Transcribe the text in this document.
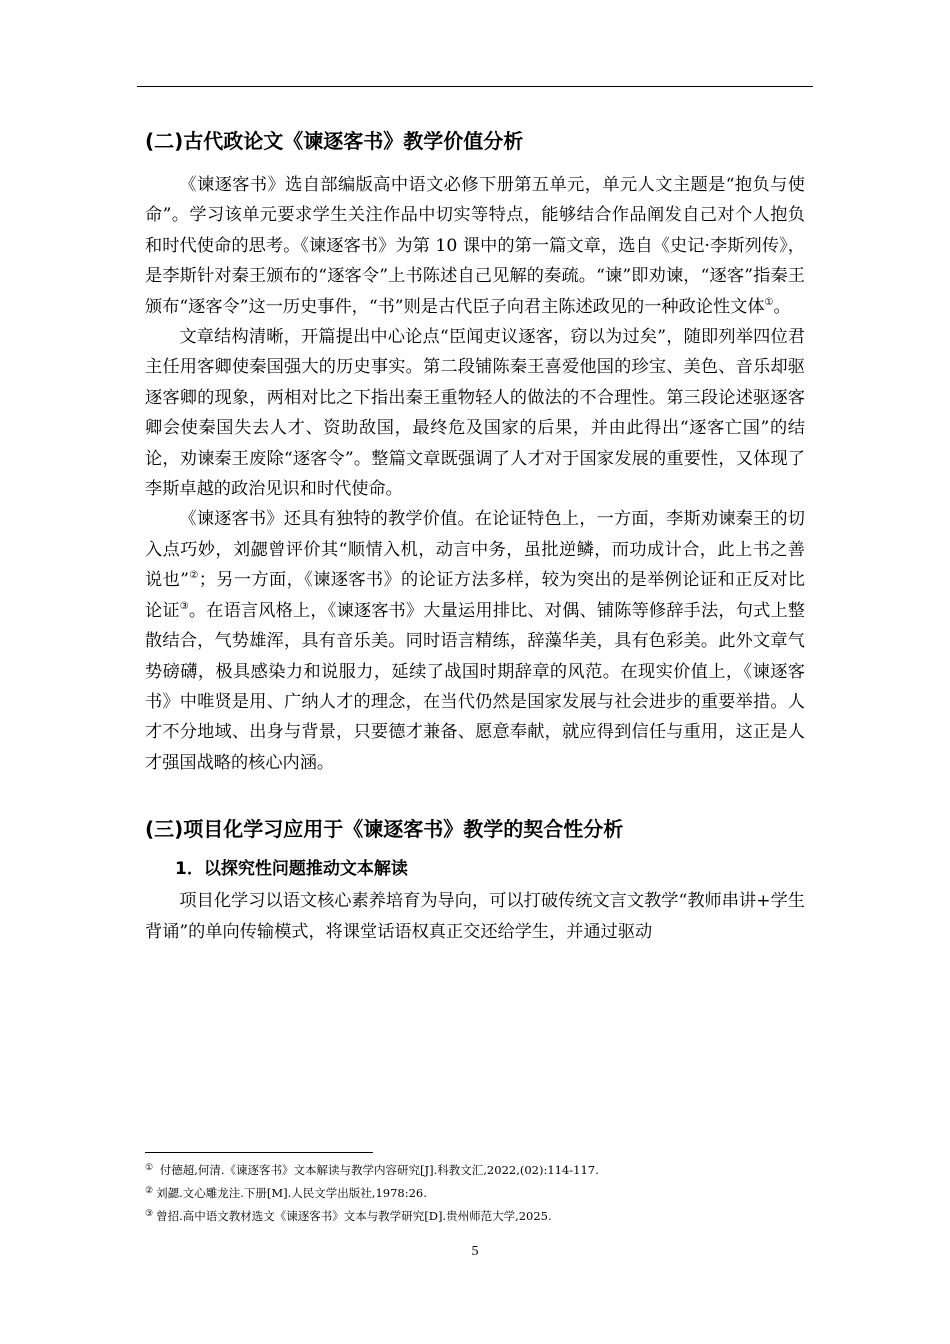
(二)古代政论文《谏逐客书》教学价值分析

《谏逐客书》选自部编版高中语文必修下册第五单元，单元人文主题是“抱负与使命”。学习该单元要求学生关注作品中切实等特点，能够结合作品阐发自己对个人抱负和时代使命的思考。《谏逐客书》为第 10 课中的第一篇文章，选自《史记·李斯列传》，是李斯针对秦王颁布的“逐客令”上书陈述自己见解的奏疏。“谏”即劝谏，“逐客”指秦王颁布“逐客令”这一历史事件，“书”则是古代臣子向君主陈述政见的一种政论性文体①。

文章结构清晰，开篇提出中心论点“臣闻吏议逐客，窃以为过矣”，随即列举四位君主任用客卿使秦国强大的历史事实。第二段铺陈秦王喜爱他国的珍宝、美色、音乐却驱逐客卿的现象，两相对比之下指出秦王重物轻人的做法的不合理性。第三段论述驱逐客卿会使秦国失去人才、资助敌国，最终危及国家的后果，并由此得出“逐客亡国”的结论，劝谏秦王废除“逐客令”。整篇文章既强调了人才对于国家发展的重要性，又体现了李斯卓越的政治见识和时代使命。

《谏逐客书》还具有独特的教学价值。在论证特色上，一方面，李斯劝谏秦王的切入点巧妙，刘勰曾评价其“顺情入机，动言中务，虽批逆鳞，而功成计合，此上书之善说也”②；另一方面，《谏逐客书》的论证方法多样，较为突出的是举例论证和正反对比论证③。在语言风格上，《谏逐客书》大量运用排比、对偶、铺陈等修辞手法，句式上整散结合，气势雄浑，具有音乐美。同时语言精练，辞藻华美，具有色彩美。此外文章气势磅礴，极具感染力和说服力，延续了战国时期辞章的风范。在现实价值上，《谏逐客书》中唯贤是用、广纳人才的理念，在当代仍然是国家发展与社会进步的重要举措。人才不分地域、出身与背景，只要德才兼备、愿意奉献，就应得到信任与重用，这正是人才强国战略的核心内涵。

(三)项目化学习应用于《谏逐客书》教学的契合性分析
1．以探究性问题推动文本解读

项目化学习以语文核心素养培育为导向，可以打破传统文言文教学“教师串讲+学生背诵”的单向传输模式，将课堂话语权真正交还给学生，并通过驱动

① 付德超,何清.《谏逐客书》文本解读与教学内容研究[J].科教文汇,2022,(02):114-117.

② 刘勰.文心雕龙注.下册[M].人民文学出版社,1978:26.

③ 曾招.高中语文教材选文《谏逐客书》文本与教学研究[D].贵州师范大学,2025.

5
